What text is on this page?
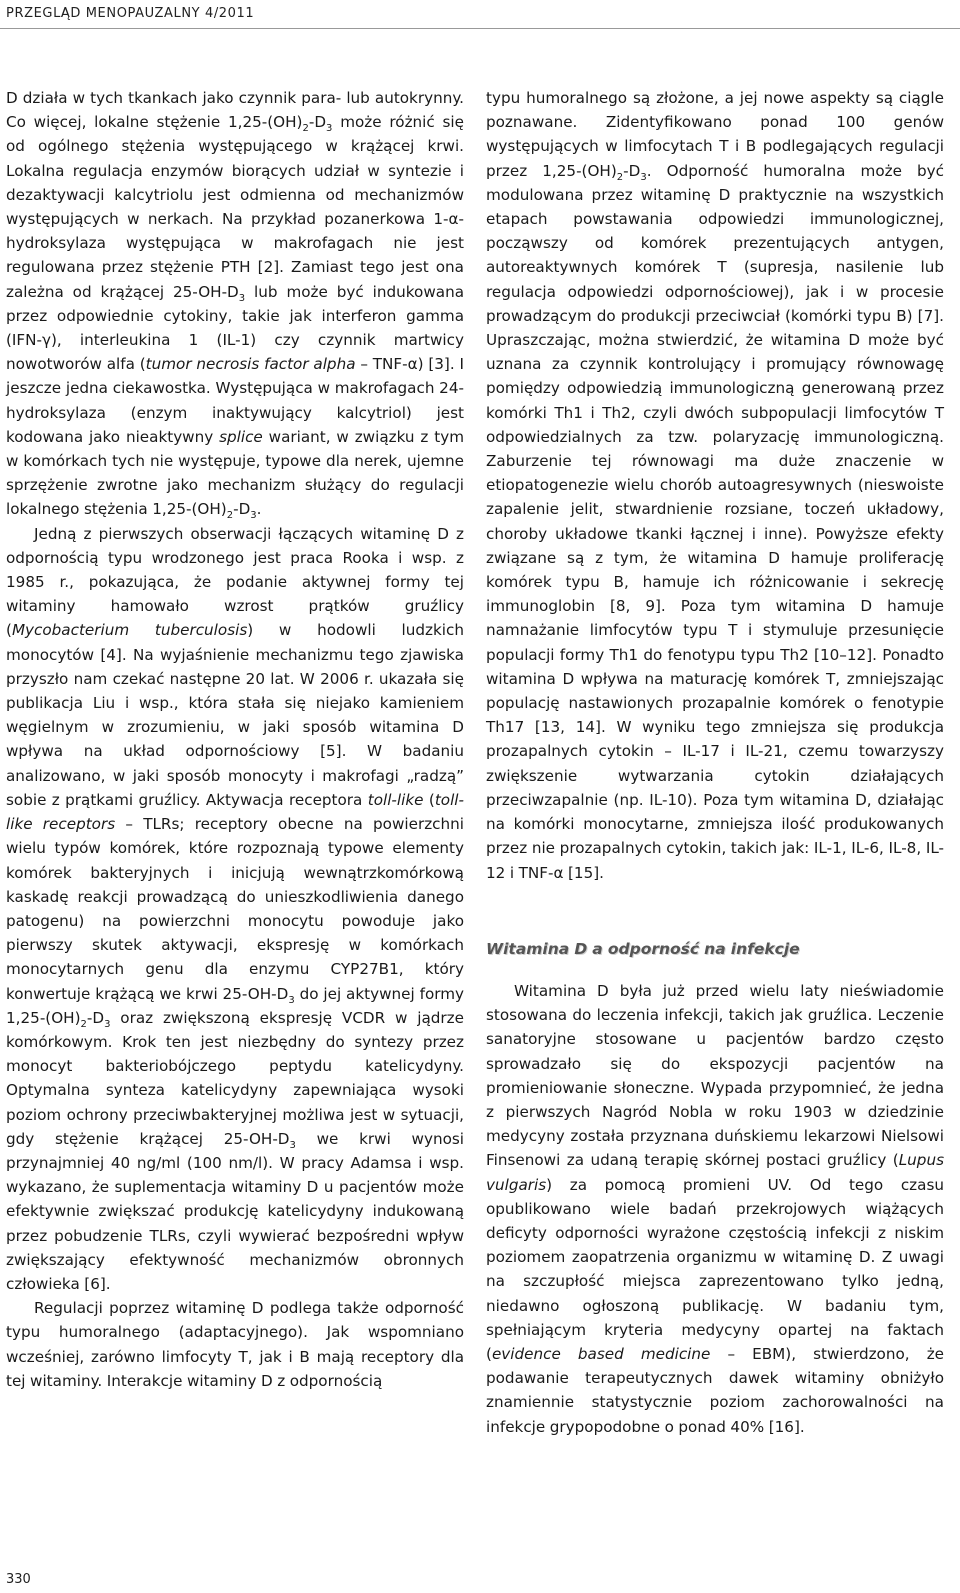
PRZEGLĄD MENOPAUZALNY 4/2011

D działa w tych tkankach jako czynnik para- lub autokrynny. Co więcej, lokalne stężenie $1,25-(OH)_2-D_3$ może różnić się od ogólnego stężenia występującego w krążącej krwi. Lokalna regulacja enzymów biorących udział w syntezie i dezaktywacji kalcytriolu jest odmienna od mechanizmów występujących w nerkach. Na przykład pozanerkowa 1-α-hydroksylaza występująca w makrofagach nie jest regulowana przez stężenie PTH [2]. Zamiast tego jest ona zależna od krążącej $25-OH-D_3$ lub może być indukowana przez odpowiednie cytokiny, takie jak interferon gamma (IFN-γ), interleukina 1 (IL-1) czy czynnik martwicy nowotworów alfa (tumor necrosis factor alpha – TNF-α) [3]. I jeszcze jedna ciekawostka. Występująca w makrofagach 24-hydroksylaza (enzym inaktywujący kalcytriol) jest kodowana jako nieaktywny splice wariant, w związku z tym w komórkach tych nie występuje, typowe dla nerek, ujemne sprzężenie zwrotne jako mechanizm służący do regulacji lokalnego stężenia $1,25-(OH)_2-D_3$.

Jedną z pierwszych obserwacji łączących witaminę D z odpornością typu wrodzonego jest praca Rooka i wsp. z 1985 r., pokazująca, że podanie aktywnej formy tej witaminy hamowało wzrost prątków gruźlicy (Mycobacterium tuberculosis) w hodowli ludzkich monocytów [4]. Na wyjaśnienie mechanizmu tego zjawiska przyszło nam czekać następne 20 lat. W 2006 r. ukazała się publikacja Liu i wsp., która stała się niejako kamieniem węgielnym w zrozumieniu, w jaki sposób witamina D wpływa na układ odpornościowy [5]. W badaniu analizowano, w jaki sposób monocyty i makrofagi „radzą” sobie z prątkami gruźlicy. Aktywacja receptora toll-like (toll-like receptors – TLRs; receptory obecne na powierzchni wielu typów komórek, które rozpoznają typowe elementy komórek bakteryjnych i inicjują wewnątrzkomórkową kaskadę reakcji prowadzącą do unieszkodliwienia danego patogenu) na powierzchni monocytu powoduje jako pierwszy skutek aktywacji, ekspresję w komórkach monocytarnych genu dla enzymu CYP27B1, który konwertuje krążącą we krwi $25-OH-D_3$ do jej aktywnej formy $1,25-(OH)_2-D_3$ oraz zwiększoną ekspresję VCDR w jądrze komórkowym. Krok ten jest niezbędny do syntezy przez monocyt bakteriobójczego peptydu katelicydyny. Optymalna synteza katelicydyny zapewniająca wysoki poziom ochrony przeciwbakteryjnej możliwa jest w sytuacji, gdy stężenie krążącej $25-OH-D_3$ we krwi wynosi przynajmniej 40 ng/ml (100 nm/l). W pracy Adamsa i wsp. wykazano, że suplementacja witaminy D u pacjentów może efektywnie zwiększać produkcję katelicydyny indukowaną przez pobudzenie TLRs, czyli wywierać bezpośredni wpływ zwiększający efektywność mechanizmów obronnych człowieka [6].

Regulacji poprzez witaminę D podlega także odporność typu humoralnego (adaptacyjnego). Jak wspomniano wcześniej, zarówno limfocyty T, jak i B mają receptory dla tej witaminy. Interakcje witaminy D z odpornością

typu humoralnego są złożone, a jej nowe aspekty są ciągle poznawane. Zidentyfikowano ponad 100 genów występujących w limfocytach T i B podlegających regulacji przez $1,25-(OH)_2-D_3$. Odporność humoralna może być modulowana przez witaminę D praktycznie na wszystkich etapach powstawania odpowiedzi immunologicznej, począwszy od komórek prezentujących antygen, autoreaktywnych komórek T (supresja, nasilenie lub regulacja odpowiedzi odpornościowej), jak i w procesie prowadzącym do produkcji przeciwciał (komórki typu B) [7]. Upraszczając, można stwierdzić, że witamina D może być uznana za czynnik kontrolujący i promujący równowagę pomiędzy odpowiedzią immunologiczną generowaną przez komórki Th1 i Th2, czyli dwóch subpopulacji limfocytów T odpowiedzialnych za tzw. polaryzację immunologiczną. Zaburzenie tej równowagi ma duże znaczenie w etiopatogenezie wielu chorób autoagresywnych (nieswoiste zapalenie jelit, stwardnienie rozsiane, toczeń układowy, choroby układowe tkanki łącznej i inne). Powyższe efekty związane są z tym, że witamina D hamuje proliferację komórek typu B, hamuje ich różnicowanie i sekrecję immunoglobin [8, 9]. Poza tym witamina D hamuje namnażanie limfocytów typu T i stymuluje przesunięcie populacji formy Th1 do fenotypu typu Th2 [10–12]. Ponadto witamina D wpływa na maturację komórek T, zmniejszając populację nastawionych prozapalnie komórek o fenotypie Th17 [13, 14]. W wyniku tego zmniejsza się produkcja prozapalnych cytokin – IL-17 i IL-21, czemu towarzyszy zwiększenie wytwarzania cytokin działających przeciwzapalnie (np. IL-10). Poza tym witamina D, działając na komórki monocytarne, zmniejsza ilość produkowanych przez nie prozapalnych cytokin, takich jak: IL-1, IL-6, IL-8, IL-12 i TNF-α [15].

Witamina D a odporność na infekcje

Witamina D była już przed wielu laty nieświadomie stosowana do leczenia infekcji, takich jak gruźlica. Leczenie sanatoryjne stosowane u pacjentów bardzo często sprowadzało się do ekspozycji pacjentów na promieniowanie słoneczne. Wypada przypomnieć, że jedna z pierwszych Nagród Nobla w roku 1903 w dziedzinie medycyny została przyznana duńskiemu lekarzowi Nielsowi Finsenowi za udaną terapię skórnej postaci gruźlicy (Lupus vulgaris) za pomocą promieni UV. Od tego czasu opublikowano wiele badań przekrojowych wiążących deficyty odporności wyrażone częstością infekcji z niskim poziomem zaopatrzenia organizmu w witaminę D. Z uwagi na szczupłość miejsca zaprezentowano tylko jedną, niedawno ogłoszoną publikację. W badaniu tym, spełniającym kryteria medycyny opartej na faktach (evidence based medicine – EBM), stwierdzono, że podawanie terapeutycznych dawek witaminy obniżyło znamiennie statystycznie poziom zachorowalności na infekcje grypopodobne o ponad 40% [16].

330
